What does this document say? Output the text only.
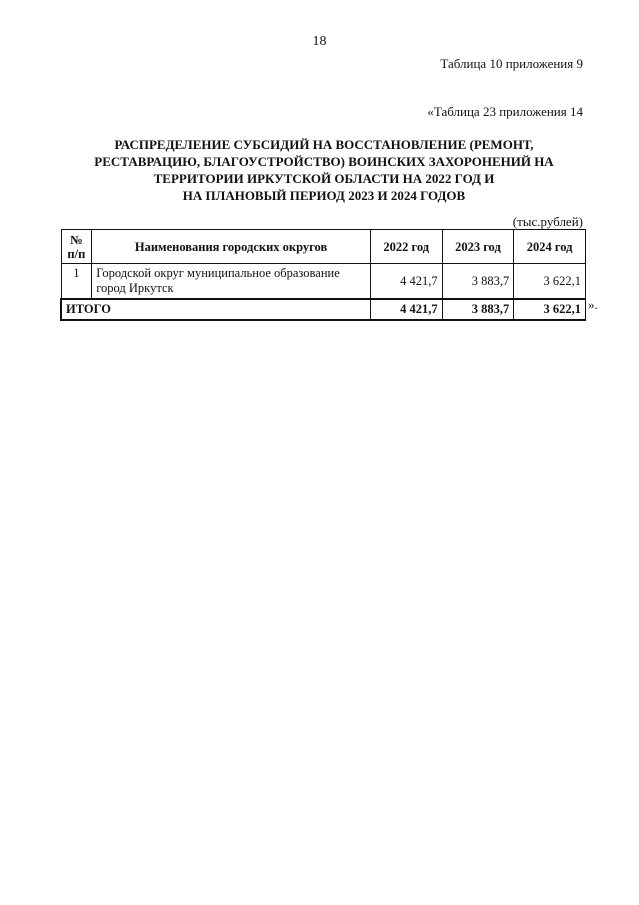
18
Таблица 10 приложения 9
«Таблица 23 приложения 14
РАСПРЕДЕЛЕНИЕ СУБСИДИЙ НА ВОССТАНОВЛЕНИЕ (РЕМОНТ,
РЕСТАВРАЦИЮ, БЛАГОУСТРОЙСТВО) ВОИНСКИХ ЗАХОРОНЕНИЙ НА
ТЕРРИТОРИИ ИРКУТСКОЙ ОБЛАСТИ НА 2022 ГОД И
НА ПЛАНОВЫЙ ПЕРИОД 2023 И 2024 ГОДОВ
(тыс.рублей)
№
п/п	Наименования городских округов	2022 год	2023 год	2024 год
1	Городской округ муниципальное образование город Иркутск	4 421,7	3 883,7	3 622,1
ИТОГО		4 421,7	3 883,7	3 622,1 ».
